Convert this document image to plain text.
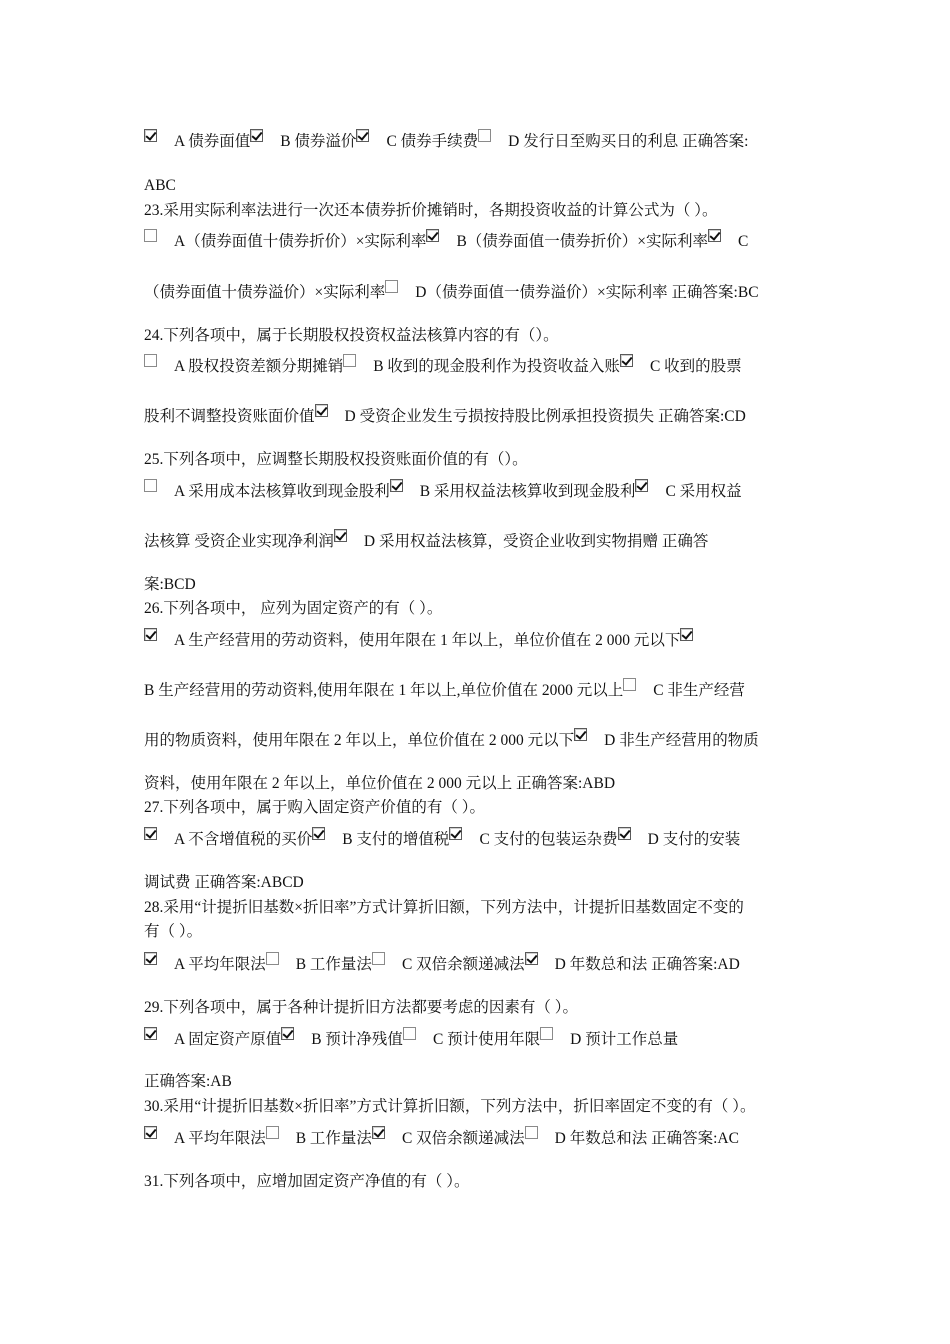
A 债券面值 B 债券溢价 C 债券手续费 D 发行日至购买日的利息 正确答案:
ABC
23.采用实际利率法进行一次还本债券折价摊销时，各期投资收益的计算公式为（ ）。
A（债券面值十债券折价）×实际利率 B（债券面值一债券折价）×实际利率 C
（债券面值十债券溢价）×实际利率 D（债券面值一债券溢价）×实际利率 正确答案:BC
24.下列各项中，属于长期股权投资权益法核算内容的有（）。
A 股权投资差额分期摊销 B 收到的现金股利作为投资收益入账 C 收到的股票
股利不调整投资账面价值 D 受资企业发生亏损按持股比例承担投资损失 正确答案:CD
25.下列各项中，应调整长期股权投资账面价值的有（）。
A 采用成本法核算收到现金股利 B 采用权益法核算收到现金股利 C 采用权益
法核算 受资企业实现净利润 D 采用权益法核算，受资企业收到实物捐赠 正确答
案:BCD
26.下列各项中， 应列为固定资产的有（ ）。
A 生产经营用的劳动资料，使用年限在 1 年以上，单位价值在 2 000 元以下
B 生产经营用的劳动资料,使用年限在 1 年以上,单位价值在 2000 元以上 C 非生产经营
用的物质资料，使用年限在 2 年以上，单位价值在 2 000 元以下 D 非生产经营用的物质
资料，使用年限在 2 年以上，单位价值在 2 000 元以上 正确答案:ABD
27.下列各项中，属于购入固定资产价值的有（ ）。
A 不含增值税的买价 B 支付的增值税 C 支付的包装运杂费 D 支付的安装
调试费 正确答案:ABCD
28.采用“计提折旧基数×折旧率”方式计算折旧额，下列方法中，计提折旧基数固定不变的
有（ ）。
A 平均年限法 B 工作量法 C 双倍余额递减法 D 年数总和法 正确答案:AD
29.下列各项中，属于各种计提折旧方法都要考虑的因素有（ ）。
A 固定资产原值 B 预计净残值 C 预计使用年限 D 预计工作总量
正确答案:AB
30.采用“计提折旧基数×折旧率”方式计算折旧额，下列方法中，折旧率固定不变的有（ ）。
A 平均年限法 B 工作量法 C 双倍余额递减法 D 年数总和法 正确答案:AC
31.下列各项中，应增加固定资产净值的有（ ）。
